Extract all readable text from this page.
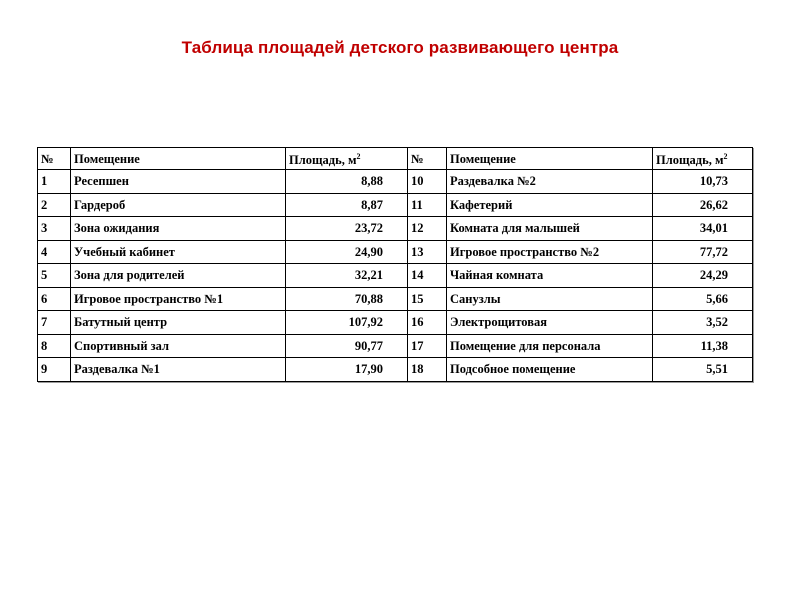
Таблица площадей детского развивающего центра
№	Помещение	Площадь, $м^2$	№	Помещение	Площадь, $м^2$
1	Ресепшен	8,88	10	Раздевалка №2	10,73
2	Гардероб	8,87	11	Кафетерий	26,62
3	Зона ожидания	23,72	12	Комната для малышей	34,01
4	Учебный кабинет	24,90	13	Игровое пространство №2	77,72
5	Зона для родителей	32,21	14	Чайная комната	24,29
6	Игровое пространство №1	70,88	15	Санузлы	5,66
7	Батутный центр	107,92	16	Электрощитовая	3,52
8	Спортивный зал	90,77	17	Помещение для персонала	11,38
9	Раздевалка №1	17,90	18	Подсобное помещение	5,51
